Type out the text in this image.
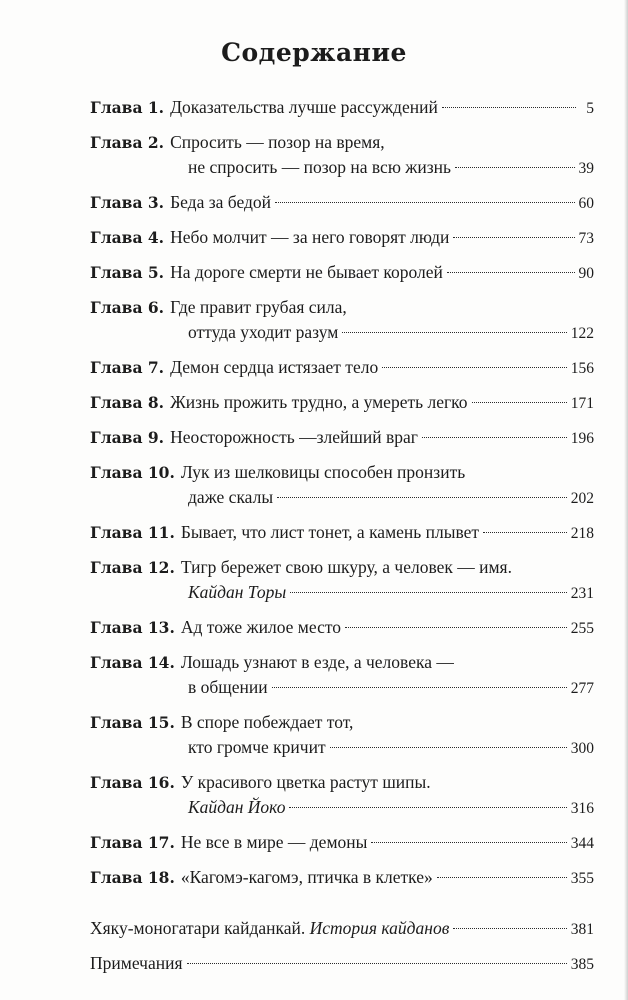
Содержание
Глава 1. Доказательства лучше рассуждений	5
Глава 2. Спросить — позор на время,
не спросить — позор на всю жизнь	39
Глава 3. Беда за бедой	60
Глава 4. Небо молчит — за него говорят люди	73
Глава 5. На дороге смерти не бывает королей	90
Глава 6. Где правит грубая сила,
оттуда уходит разум	122
Глава 7. Демон сердца истязает тело	156
Глава 8. Жизнь прожить трудно, а умереть легко	171
Глава 9. Неосторожность —злейший враг	196
Глава 10. Лук из шелковицы способен пронзить
даже скалы	202
Глава 11. Бывает, что лист тонет, а камень плывет	218
Глава 12. Тигр бережет свою шкуру, а человек — имя.
Кайдан Торы	231
Глава 13. Ад тоже жилое место	255
Глава 14. Лошадь узнают в езде, а человека —
в общении	277
Глава 15. В споре побеждает тот,
кто громче кричит	300
Глава 16. У красивого цветка растут шипы.
Кайдан Йоко	316
Глава 17. Не все в мире — демоны	344
Глава 18. «Кагомэ-кагомэ, птичка в клетке»	355
Хяку-моногатари кайданкай. История кайданов	381
Примечания	385
